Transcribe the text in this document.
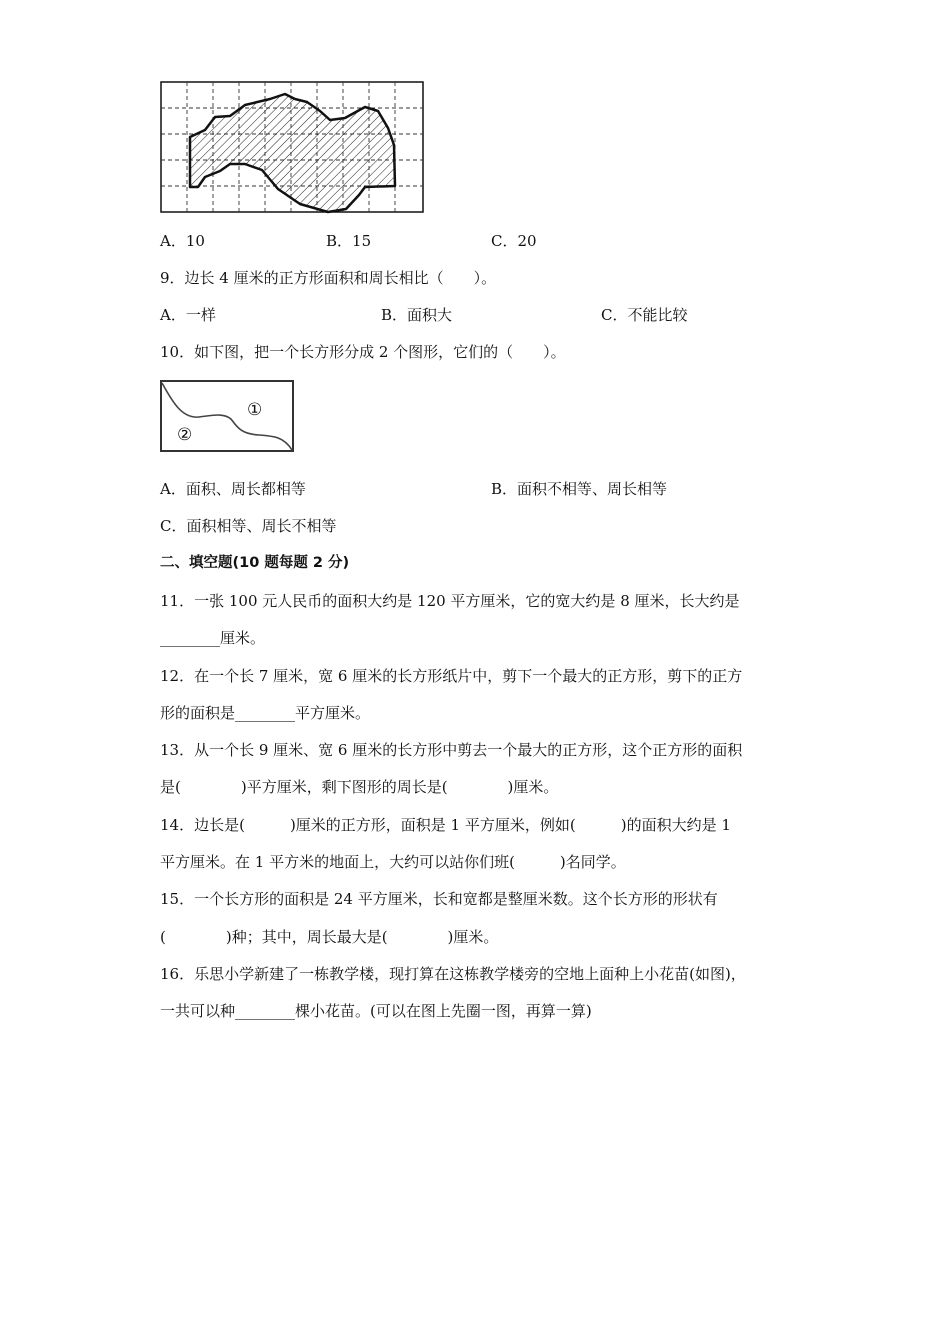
A．10	B．15	C．20
9．边长 4 厘米的正方形面积和周长相比（　　）。
A．一样	B．面积大	C．不能比较
10．如下图，把一个长方形分成 2 个图形，它们的（　　）。
①
②
A．面积、周长都相等	B．面积不相等、周长相等
C．面积相等、周长不相等
二、填空题(10 题每题 2 分)
11．一张 100 元人民币的面积大约是 120 平方厘米，它的宽大约是 8 厘米，长大约是
________厘米。
12．在一个长 7 厘米，宽 6 厘米的长方形纸片中，剪下一个最大的正方形，剪下的正方
形的面积是________平方厘米。
13．从一个长 9 厘米、宽 6 厘米的长方形中剪去一个最大的正方形，这个正方形的面积
是(　　　　)平方厘米，剩下图形的周长是(　　　　)厘米。
14．边长是(　　　)厘米的正方形，面积是 1 平方厘米，例如(　　　)的面积大约是 1
平方厘米。在 1 平方米的地面上，大约可以站你们班(　　　)名同学。
15．一个长方形的面积是 24 平方厘米，长和宽都是整厘米数。这个长方形的形状有
(　　　　)种；其中，周长最大是(　　　　)厘米。
16．乐思小学新建了一栋教学楼，现打算在这栋教学楼旁的空地上面种上小花苗(如图)，
一共可以种________棵小花苗。(可以在图上先圈一图，再算一算)
